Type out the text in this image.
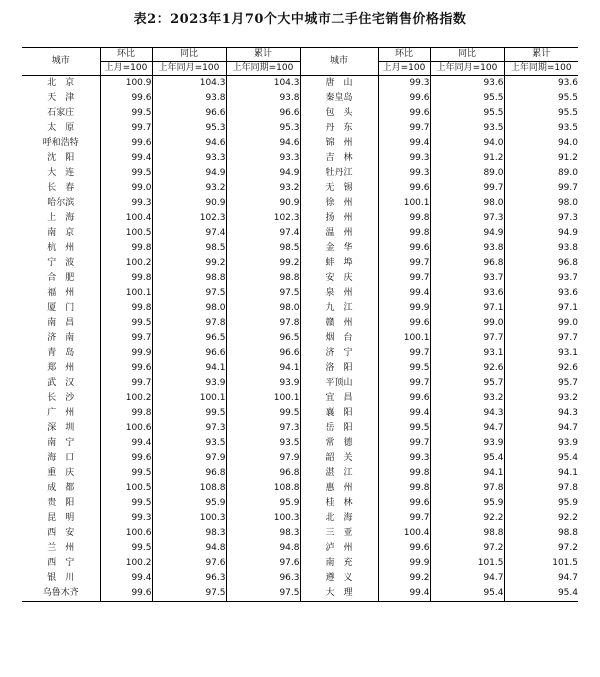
表2：2023年1月70个大中城市二手住宅销售价格指数
城市	环比	同比	累计	城市	环比	同比	累计
	上月=100	上年同月=100	上年同期=100		上月=100	上年同月=100	上年同期=100
北　京	100.9	104.3	104.3	唐　山	99.3	93.6	93.6
天　津	99.6	93.8	93.8	秦皇岛	99.6	95.5	95.5
石家庄	99.5	96.6	96.6	包　头	99.6	95.5	95.5
太　原	99.7	95.3	95.3	丹　东	99.7	93.5	93.5
呼和浩特	99.6	94.6	94.6	锦　州	99.4	94.0	94.0
沈　阳	99.4	93.3	93.3	吉　林	99.3	91.2	91.2
大　连	99.5	94.9	94.9	牡丹江	99.3	89.0	89.0
长　春	99.0	93.2	93.2	无　锡	99.6	99.7	99.7
哈尔滨	99.3	90.9	90.9	徐　州	100.1	98.0	98.0
上　海	100.4	102.3	102.3	扬　州	99.8	97.3	97.3
南　京	100.5	97.4	97.4	温　州	99.8	94.9	94.9
杭　州	99.8	98.5	98.5	金　华	99.6	93.8	93.8
宁　波	100.2	99.2	99.2	蚌　埠	99.7	96.8	96.8
合　肥	99.8	98.8	98.8	安　庆	99.7	93.7	93.7
福　州	100.1	97.5	97.5	泉　州	99.4	93.6	93.6
厦　门	99.8	98.0	98.0	九　江	99.9	97.1	97.1
南　昌	99.5	97.8	97.8	赣　州	99.6	99.0	99.0
济　南	99.7	96.5	96.5	烟　台	100.1	97.7	97.7
青　岛	99.9	96.6	96.6	济　宁	99.7	93.1	93.1
郑　州	99.6	94.1	94.1	洛　阳	99.5	92.6	92.6
武　汉	99.7	93.9	93.9	平顶山	99.7	95.7	95.7
长　沙	100.2	100.1	100.1	宜　昌	99.6	93.2	93.2
广　州	99.8	99.5	99.5	襄　阳	99.4	94.3	94.3
深　圳	100.6	97.3	97.3	岳　阳	99.5	94.7	94.7
南　宁	99.4	93.5	93.5	常　德	99.7	93.9	93.9
海　口	99.6	97.9	97.9	韶　关	99.3	95.4	95.4
重　庆	99.5	96.8	96.8	湛　江	99.8	94.1	94.1
成　都	100.5	108.8	108.8	惠　州	99.8	97.8	97.8
贵　阳	99.5	95.9	95.9	桂　林	99.6	95.9	95.9
昆　明	99.3	100.3	100.3	北　海	99.7	92.2	92.2
西　安	100.6	98.3	98.3	三　亚	100.4	98.8	98.8
兰　州	99.5	94.8	94.8	泸　州	99.6	97.2	97.2
西　宁	100.2	97.6	97.6	南　充	99.9	101.5	101.5
银　川	99.4	96.3	96.3	遵　义	99.2	94.7	94.7
乌鲁木齐	99.6	97.5	97.5	大　理	99.4	95.4	95.4
